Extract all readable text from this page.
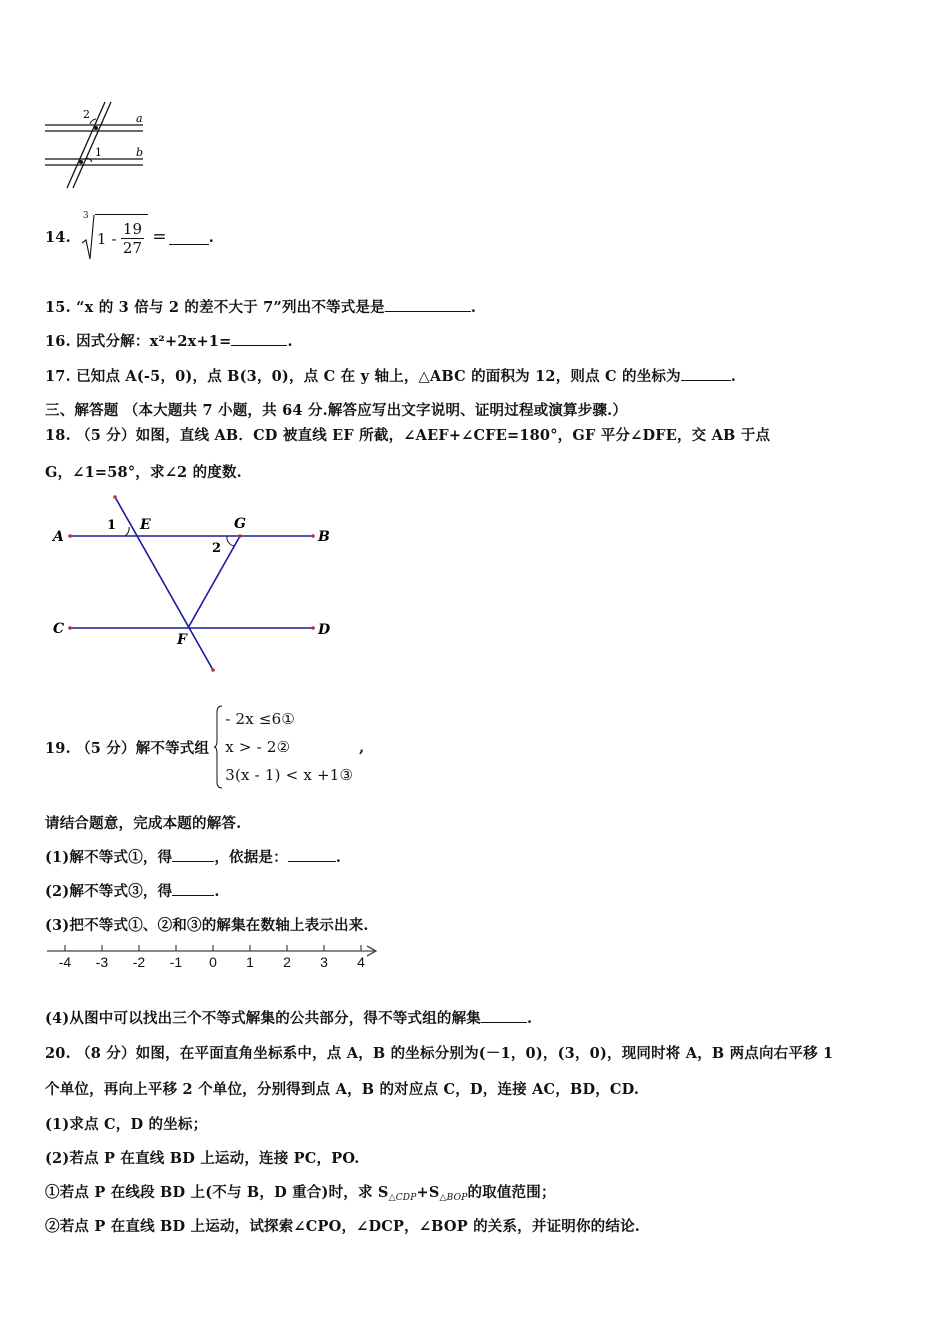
a
b
2
1
14.
3
$1 - \frac{19}{27}$ =	.
15. “x 的 3 倍与 2 的差不大于 7”列出不等式是是	.
16. 因式分解：x²+2x+1=	.
17. 已知点 A(-5，0)，点 B(3，0)，点 C 在 y 轴上，△ABC 的面积为 12，则点 C 的坐标为	.
三、解答题 （本大题共 7 小题，共 64 分.解答应写出文字说明、证明过程或演算步骤.）
18. （5 分）如图，直线 AB．CD 被直线 EF 所截，∠AEF+∠CFE=180°，GF 平分∠DFE，交 AB 于点
G，∠1=58°，求∠2 的度数.
A	B
C	D
E	G
F
1
2
19. （5 分）解不等式组
- 2x ≤6①
x > - 2②
3(x - 1) < x +1③
,
请结合题意，完成本题的解答.
(1)解不等式①，得	，依据是：	.
(2)解不等式③，得	.
(3)把不等式①、②和③的解集在数轴上表示出来.
-4 -3 -2 -1	0	1	2	3	4
(4)从图中可以找出三个不等式解集的公共部分，得不等式组的解集	.
20. （8 分）如图，在平面直角坐标系中，点 A，B 的坐标分别为(－1，0)，(3，0)，现同时将 A，B 两点向右平移 1
个单位，再向上平移 2 个单位，分别得到点 A，B 的对应点 C，D，连接 AC，BD，CD.
(1)求点 C，D 的坐标；
(2)若点 P 在直线 BD 上运动，连接 PC，PO.
①若点 P 在线段 BD 上(不与 B，D 重合)时，求 $S_{\triangle CDP}+S_{\triangle BOP}$的取值范围；
②若点 P 在直线 BD 上运动，试探索∠CPO，∠DCP，∠BOP 的关系，并证明你的结论.
